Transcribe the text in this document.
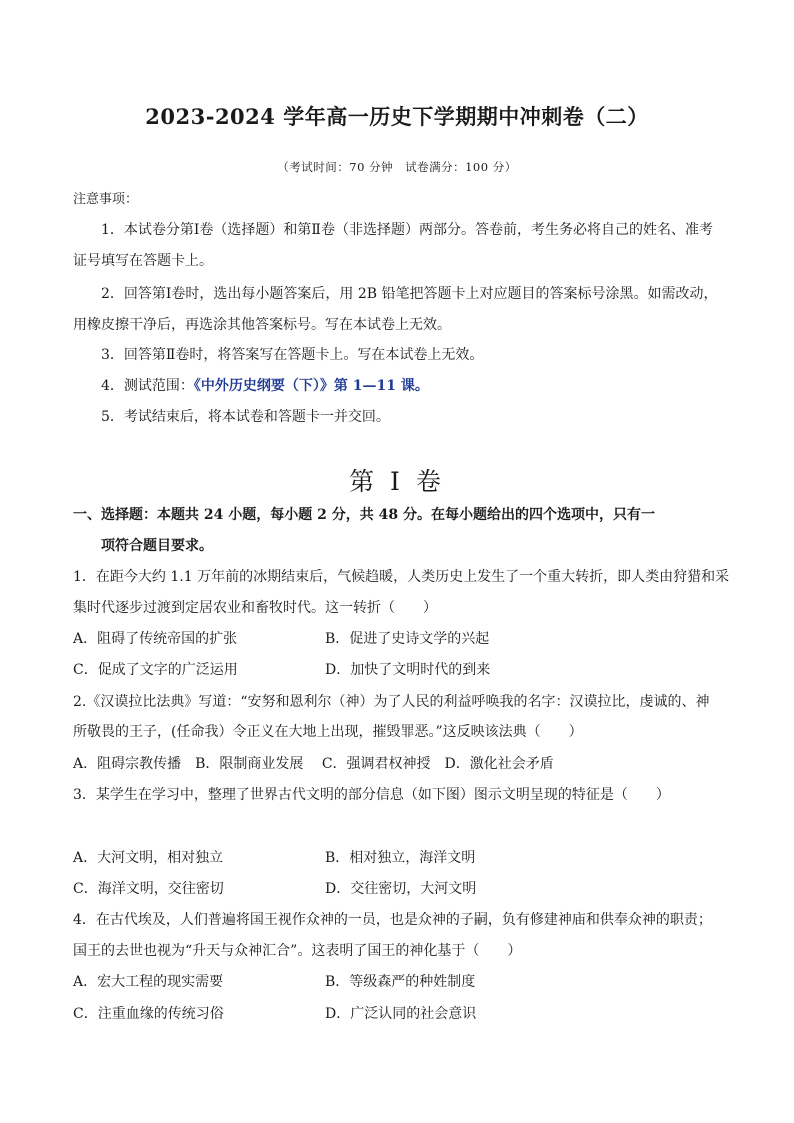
2023-2024 学年高一历史下学期期中冲刺卷（二）
（考试时间：70 分钟　试卷满分：100 分）
注意事项：
1．本试卷分第Ⅰ卷（选择题）和第Ⅱ卷（非选择题）两部分。答卷前，考生务必将自己的姓名、准考
证号填写在答题卡上。
2．回答第Ⅰ卷时，选出每小题答案后，用 2B 铅笔把答题卡上对应题目的答案标号涂黑。如需改动，
用橡皮擦干净后，再选涂其他答案标号。写在本试卷上无效。
3．回答第Ⅱ卷时，将答案写在答题卡上。写在本试卷上无效。
4．测试范围：《中外历史纲要（下）》第 1—11 课。
5．考试结束后，将本试卷和答题卡一并交回。
第 I 卷
一、选择题：本题共 24 小题，每小题 2 分，共 48 分。在每小题给出的四个选项中，只有一
项符合题目要求。
1．在距今大约 1.1 万年前的冰期结束后，气候趋暖，人类历史上发生了一个重大转折，即人类由狩猎和采
集时代逐步过渡到定居农业和畜牧时代。这一转折（　　）
A．阻碍了传统帝国的扩张	B．促进了史诗文学的兴起
C．促成了文字的广泛运用	D．加快了文明时代的到来
2.《汉谟拉比法典》写道：“安努和恩利尔（神）为了人民的利益呼唤我的名字：汉谟拉比，虔诚的、神
所敬畏的王子，(任命我）令正义在大地上出现，摧毁罪恶。”这反映该法典（　　）
A．阻碍宗教传播　B．限制商业发展　 C．强调君权神授　D．激化社会矛盾
3．某学生在学习中，整理了世界古代文明的部分信息（如下图）图示文明呈现的特征是（　　）
A．大河文明，相对独立	B．相对独立，海洋文明
C．海洋文明，交往密切	D．交往密切，大河文明
4．在古代埃及，人们普遍将国王视作众神的一员，也是众神的子嗣，负有修建神庙和供奉众神的职责；
国王的去世也视为“升天与众神汇合”。这表明了国王的神化基于（　　）
A．宏大工程的现实需要	B．等级森严的种姓制度
C．注重血缘的传统习俗	D．广泛认同的社会意识
